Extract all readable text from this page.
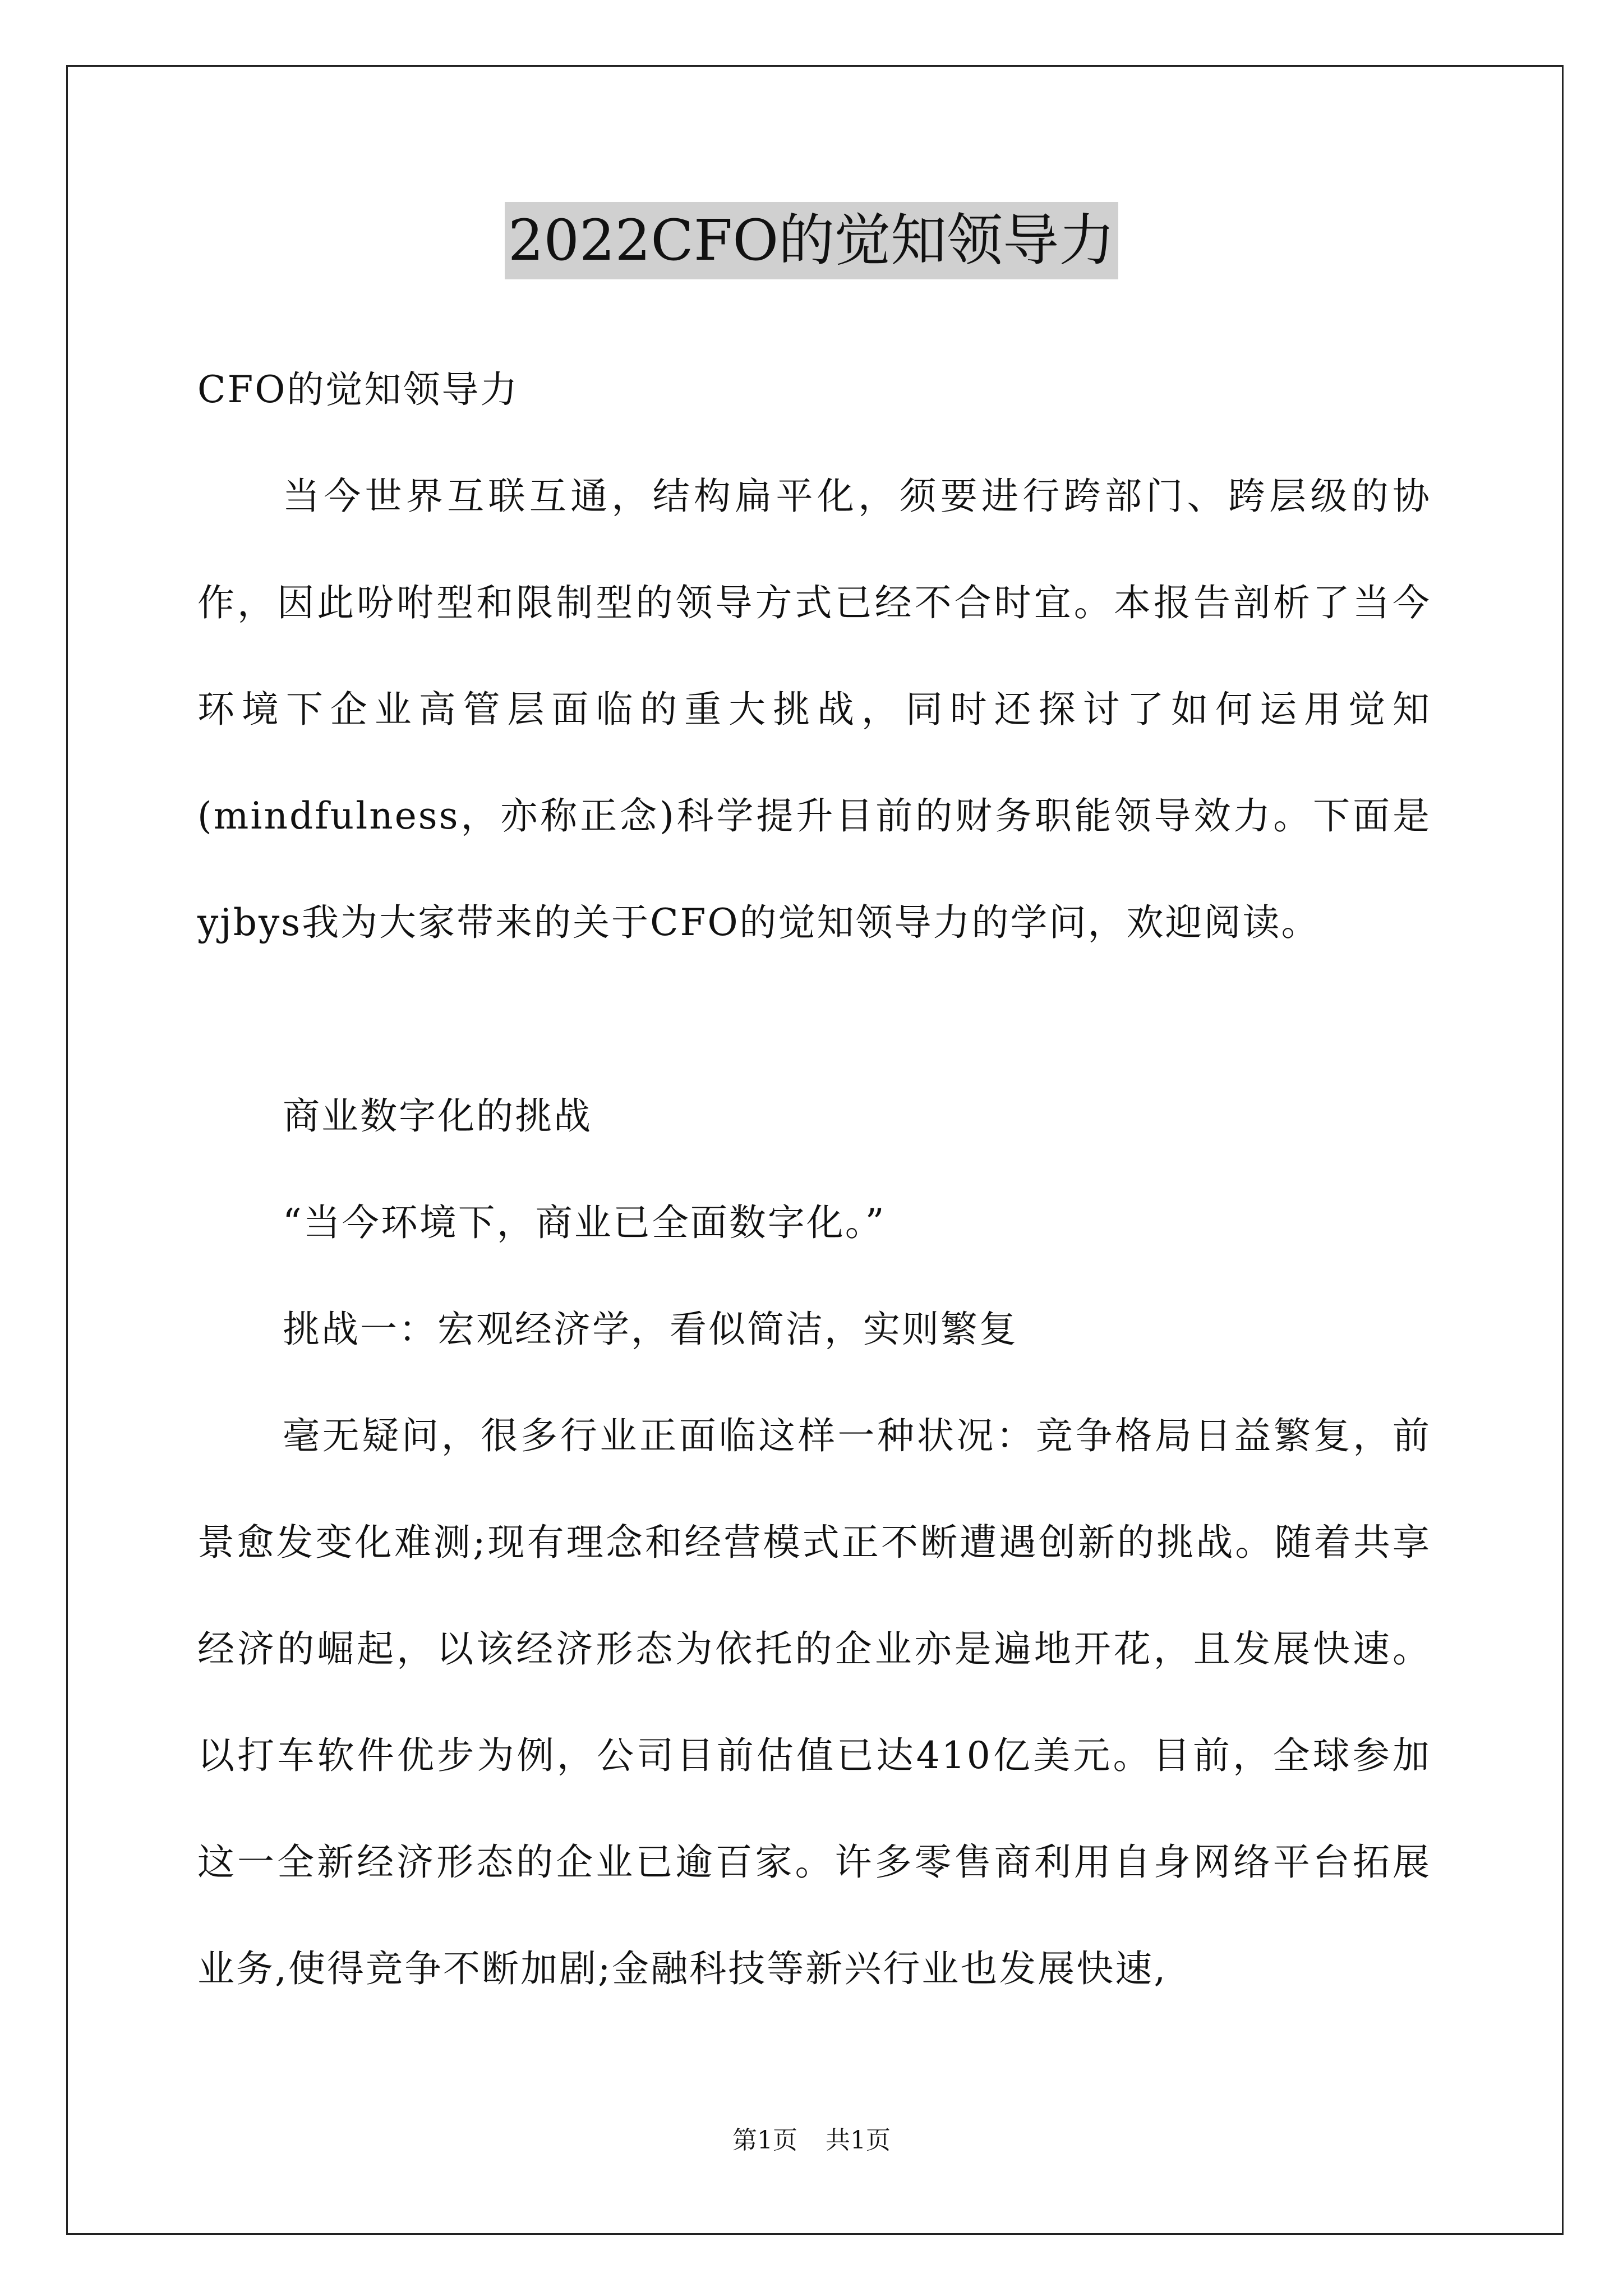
2022CFO的觉知领导力

CFO的觉知领导力

当今世界互联互通，结构扁平化，须要进行跨部门、跨层级的协作，因此吩咐型和限制型的领导方式已经不合时宜。本报告剖析了当今环境下企业高管层面临的重大挑战，同时还探讨了如何运用觉知(mindfulness，亦称正念)科学提升目前的财务职能领导效力。下面是yjbys我为大家带来的关于CFO的觉知领导力的学问，欢迎阅读。

商业数字化的挑战

“当今环境下，商业已全面数字化。”

挑战一：宏观经济学，看似简洁，实则繁复

毫无疑问，很多行业正面临这样一种状况：竞争格局日益繁复，前景愈发变化难测;现有理念和经营模式正不断遭遇创新的挑战。随着共享经济的崛起，以该经济形态为依托的企业亦是遍地开花，且发展快速。以打车软件优步为例，公司目前估值已达410亿美元。目前，全球参加这一全新经济形态的企业已逾百家。许多零售商利用自身网络平台拓展业务,使得竞争不断加剧;金融科技等新兴行业也发展快速,

第1页 共1页
